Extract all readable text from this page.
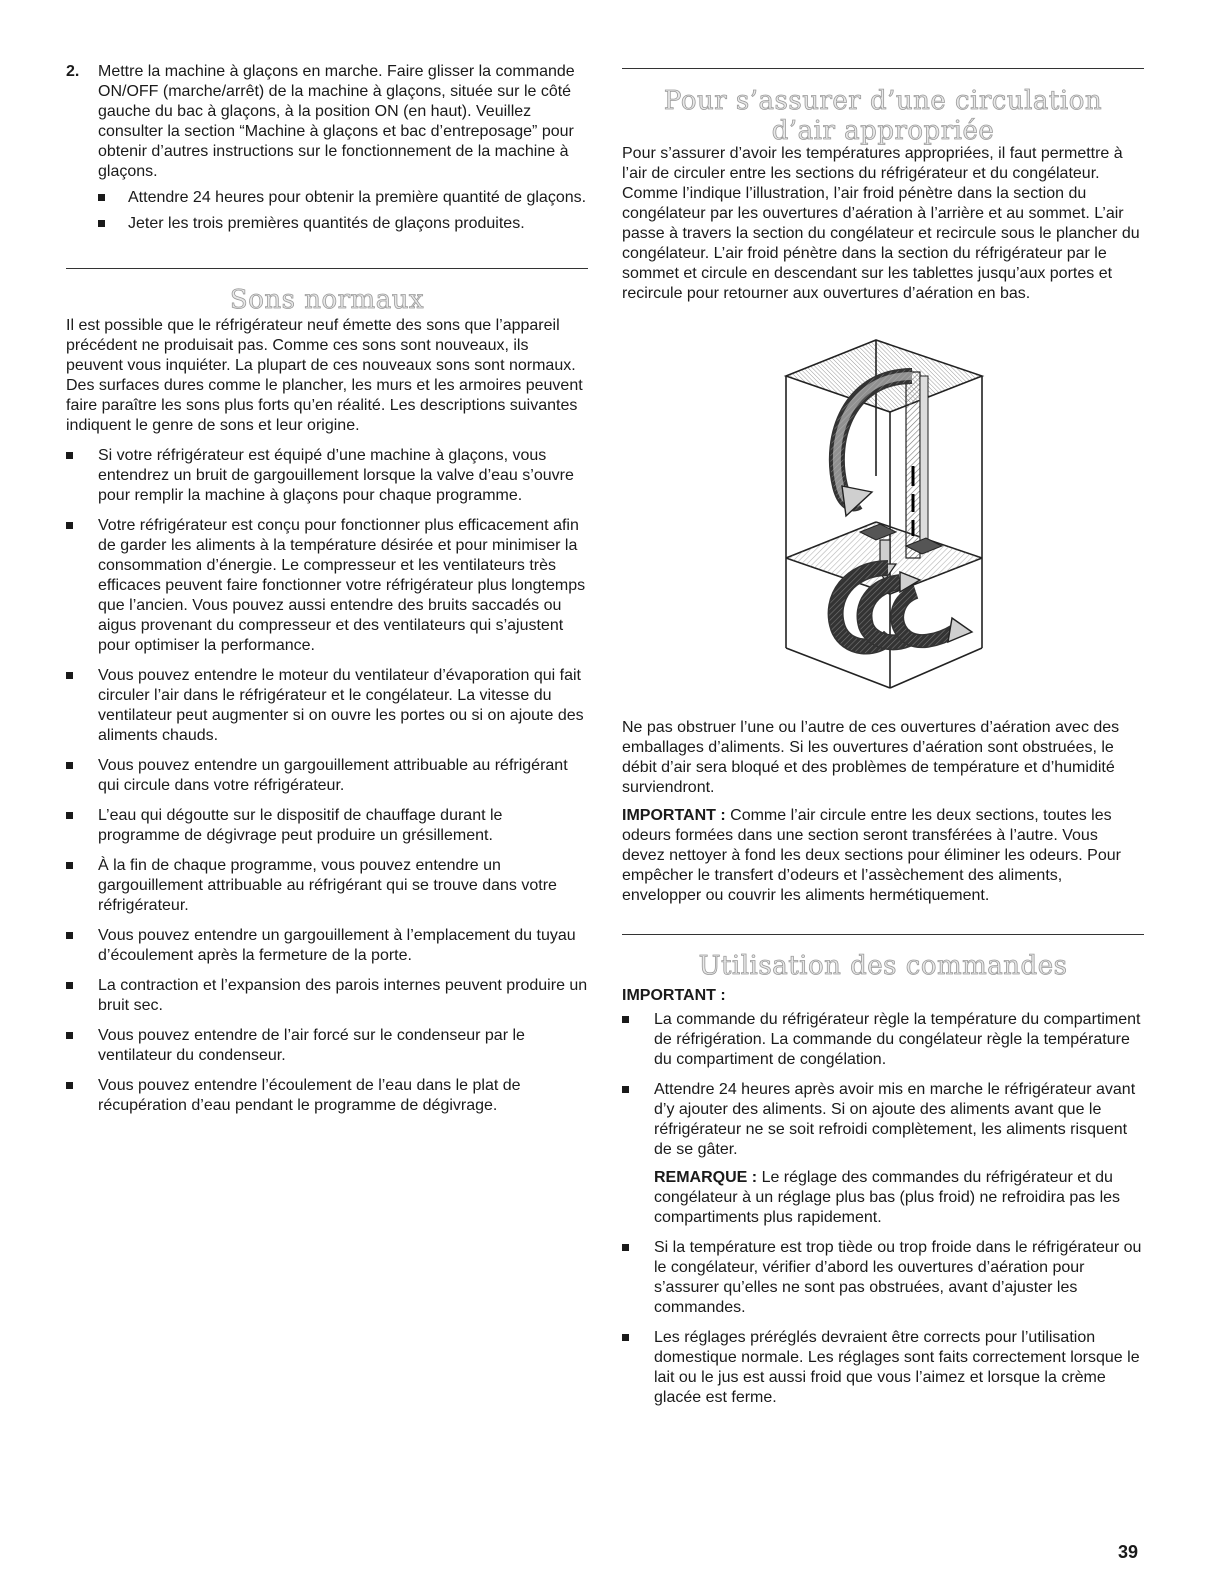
2. Mettre la machine à glaçons en marche. Faire glisser la commande ON/OFF (marche/arrêt) de la machine à glaçons, située sur le côté gauche du bac à glaçons, à la position ON (en haut). Veuillez consulter la section “Machine à glaçons et bac d’entreposage” pour obtenir d’autres instructions sur le fonctionnement de la machine à glaçons.

Attendre 24 heures pour obtenir la première quantité de glaçons.
Jeter les trois premières quantités de glaçons produites.
Sons normaux

Il est possible que le réfrigérateur neuf émette des sons que l’appareil précédent ne produisait pas. Comme ces sons sont nouveaux, ils peuvent vous inquiéter. La plupart de ces nouveaux sons sont normaux. Des surfaces dures comme le plancher, les murs et les armoires peuvent faire paraître les sons plus forts qu’en réalité. Les descriptions suivantes indiquent le genre de sons et leur origine.

Si votre réfrigérateur est équipé d’une machine à glaçons, vous entendrez un bruit de gargouillement lorsque la valve d’eau s’ouvre pour remplir la machine à glaçons pour chaque programme.
Votre réfrigérateur est conçu pour fonctionner plus efficacement afin de garder les aliments à la température désirée et pour minimiser la consommation d’énergie. Le compresseur et les ventilateurs très efficaces peuvent faire fonctionner votre réfrigérateur plus longtemps que l’ancien. Vous pouvez aussi entendre des bruits saccadés ou aigus provenant du compresseur et des ventilateurs qui s’ajustent pour optimiser la performance.
Vous pouvez entendre le moteur du ventilateur d’évaporation qui fait circuler l’air dans le réfrigérateur et le congélateur. La vitesse du ventilateur peut augmenter si on ouvre les portes ou si on ajoute des aliments chauds.
Vous pouvez entendre un gargouillement attribuable au réfrigérant qui circule dans votre réfrigérateur.
L’eau qui dégoutte sur le dispositif de chauffage durant le programme de dégivrage peut produire un grésillement.
À la fin de chaque programme, vous pouvez entendre un gargouillement attribuable au réfrigérant qui se trouve dans votre réfrigérateur.
Vous pouvez entendre un gargouillement à l’emplacement du tuyau d’écoulement après la fermeture de la porte.
La contraction et l’expansion des parois internes peuvent produire un bruit sec.
Vous pouvez entendre de l’air forcé sur le condenseur par le ventilateur du condenseur.
Vous pouvez entendre l’écoulement de l’eau dans le plat de récupération d’eau pendant le programme de dégivrage.
Pour s’assurer d’une circulation d’air appropriée

Pour s’assurer d’avoir les températures appropriées, il faut permettre à l’air de circuler entre les sections du réfrigérateur et du congélateur. Comme l’indique l’illustration, l’air froid pénètre dans la section du congélateur par les ouvertures d’aération à l’arrière et au sommet. L’air passe à travers la section du congélateur et recircule sous le plancher du congélateur. L’air froid pénètre dans la section du réfrigérateur par le sommet et circule en descendant sur les tablettes jusqu’aux portes et recircule pour retourner aux ouvertures d’aération en bas.

Ne pas obstruer l’une ou l’autre de ces ouvertures d’aération avec des emballages d’aliments. Si les ouvertures d’aération sont obstruées, le débit d’air sera bloqué et des problèmes de température et d’humidité surviendront.

IMPORTANT : Comme l’air circule entre les deux sections, toutes les odeurs formées dans une section seront transférées à l’autre. Vous devez nettoyer à fond les deux sections pour éliminer les odeurs. Pour empêcher le transfert d’odeurs et l’assèchement des aliments, envelopper ou couvrir les aliments hermétiquement.

Utilisation des commandes

IMPORTANT :

La commande du réfrigérateur règle la température du compartiment de réfrigération. La commande du congélateur règle la température du compartiment de congélation.
Attendre 24 heures après avoir mis en marche le réfrigérateur avant d’y ajouter des aliments. Si on ajoute des aliments avant que le réfrigérateur ne se soit refroidi complètement, les aliments risquent de se gâter.

REMARQUE : Le réglage des commandes du réfrigérateur et du congélateur à un réglage plus bas (plus froid) ne refroidira pas les compartiments plus rapidement.

Si la température est trop tiède ou trop froide dans le réfrigérateur ou le congélateur, vérifier d’abord les ouvertures d’aération pour s’assurer qu’elles ne sont pas obstruées, avant d’ajuster les commandes.
Les réglages préréglés devraient être corrects pour l’utilisation domestique normale. Les réglages sont faits correctement lorsque le lait ou le jus est aussi froid que vous l’aimez et lorsque la crème glacée est ferme.
39
